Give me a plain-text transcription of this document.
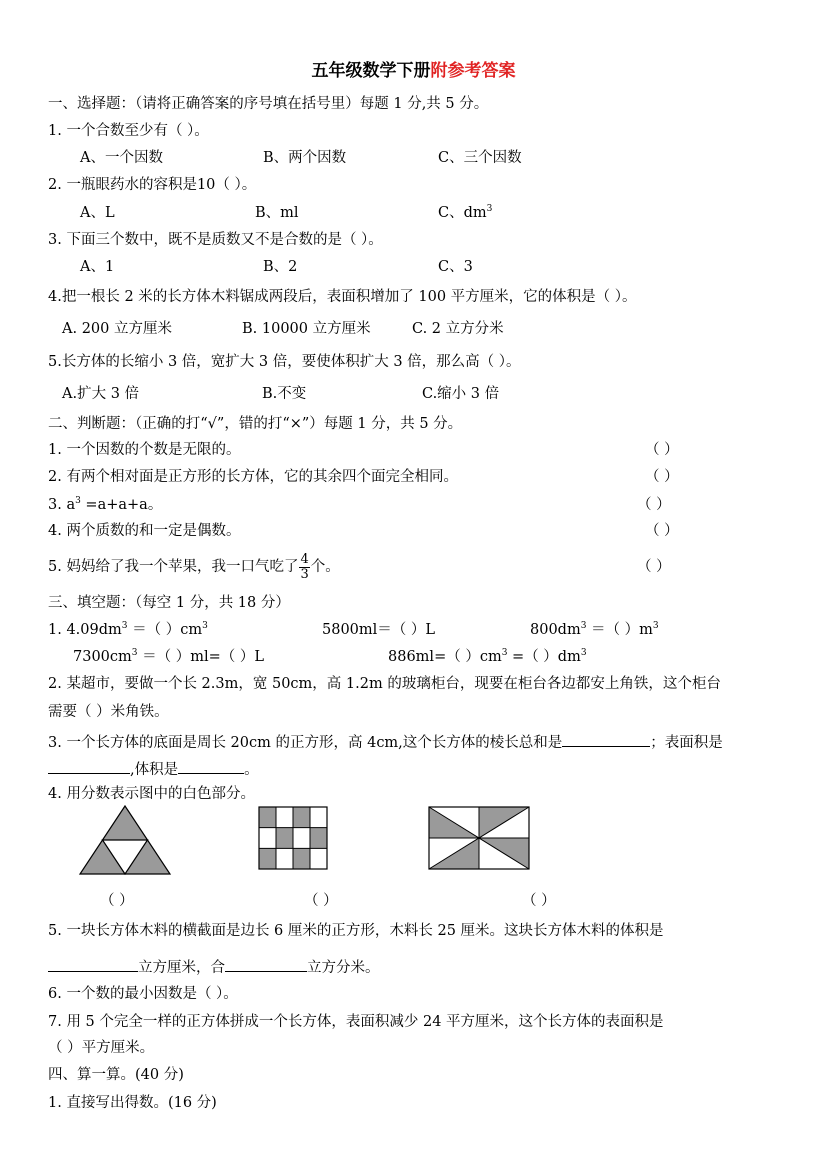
五年级数学下册附参考答案
一、选择题：（请将正确答案的序号填在括号里）每题 1 分,共 5 分。
1. 一个合数至少有（ ）。
A、一个因数	B、两个因数	C、三个因数
2. 一瓶眼药水的容积是10（ ）。
A、L	B、ml	C、$dm^3$
3. 下面三个数中，既不是质数又不是合数的是（ ）。
A、1	B、2	C、3
4.把一根长 2 米的长方体木料锯成两段后，表面积增加了 100 平方厘米，它的体积是（ ）。
A. 200 立方厘米	B. 10000 立方厘米	C. 2 立方分米
5.长方体的长缩小 3 倍，宽扩大 3 倍，要使体积扩大 3 倍，那么高（ ）。
A.扩大 3 倍	B.不变	C.缩小 3 倍
二、判断题：（正确的打“√”，错的打“×”）每题 1 分，共 5 分。
1. 一个因数的个数是无限的。	（ ）
2. 有两个相对面是正方形的长方体，它的其余四个面完全相同。	（ ）
3. $a^3 =a+a+a$。	（ ）
4. 两个质数的和一定是偶数。	（ ）
5. 妈妈给了我一个苹果，我一口气吃了 $\frac{4}{3}$ 个。	（ ）
三、填空题：（每空 1 分，共 18 分）
1. $4.09dm^3$ ＝（ ）$cm^3$	5800ml＝（ ）L	$800dm^3$ ＝（ ）$m^3$
$7300cm^3$ ＝（ ）ml=（ ）L	886ml=（ ）$cm^3$ =（ ）$dm^3$
2. 某超市，要做一个长 2.3m，宽 50cm，高 1.2m 的玻璃柜台，现要在柜台各边都安上角铁，这个柜台
需要（ ）米角铁。
3. 一个长方体的底面是周长 20cm 的正方形，高 4cm,这个长方体的棱长总和是	；表面积是
,体积是	。
4. 用分数表示图中的白色部分。
（ ）	（ ）	（ ）
5. 一块长方体木料的横截面是边长 6 厘米的正方形，木料长 25 厘米。这块长方体木料的体积是
立方厘米，合	立方分米。
6. 一个数的最小因数是（ ）。
7. 用 5 个完全一样的正方体拼成一个长方体，表面积减少 24 平方厘米，这个长方体的表面积是
（ ）平方厘米。
四、算一算。(40 分)
1. 直接写出得数。(16 分)
